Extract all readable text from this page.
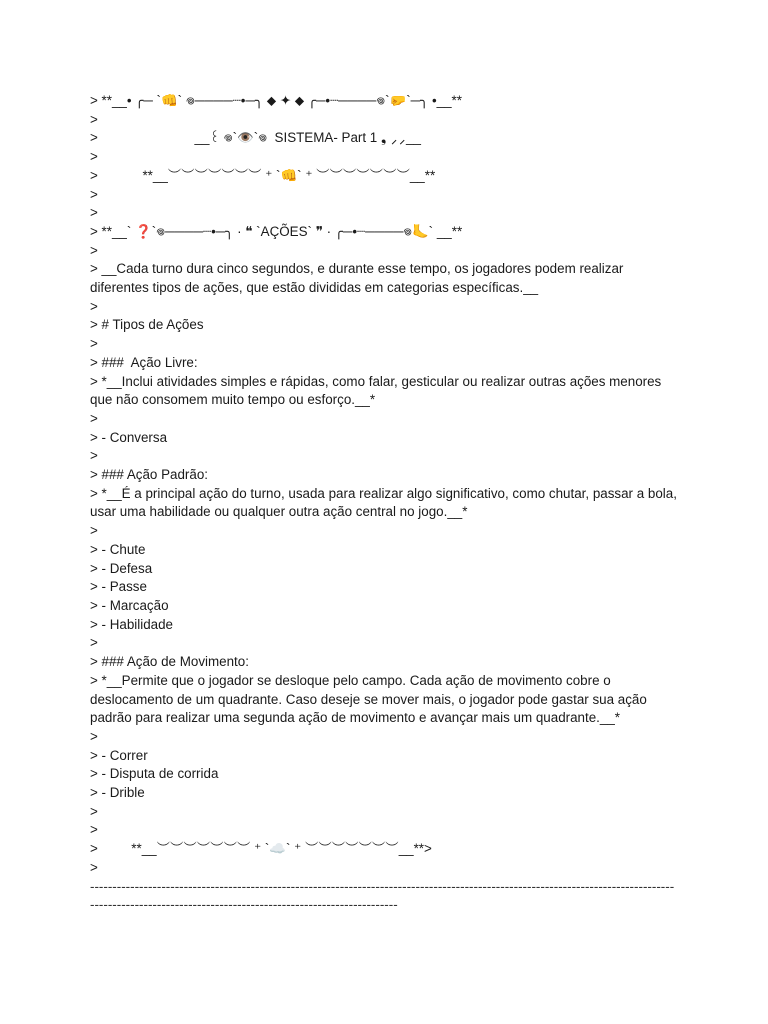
> **__• ╭─ `👊` 𖦹────┈•─╮ ⬥ ✦ ⬥ ╭─•┈────𖦹`🤛`─╮ •__**
>
>                          __꒰ 𖦹`👁️`𖦹  SISTEMA- Part 1 ❟ ⸝⸝__
>
>            **__︶︶︶︶︶︶︶ ⁺ `👊` ⁺ ︶︶︶︶︶︶︶__**
>
>
> **__` ❓`𖦹────┈•─╮ · ❝ `AÇÕES` ❞ · ╭─•┈────𖦹🦶` __**
>
> __Cada turno dura cinco segundos, e durante esse tempo, os jogadores podem realizar diferentes tipos de ações, que estão divididas em categorias específicas.__
>
> # Tipos de Ações
>
> ###  Ação Livre:
> *__Inclui atividades simples e rápidas, como falar, gesticular ou realizar outras ações menores que não consomem muito tempo ou esforço.__*
>
> - Conversa
>
> ### Ação Padrão:
> *__É a principal ação do turno, usada para realizar algo significativo, como chutar, passar a bola, usar uma habilidade ou qualquer outra ação central no jogo.__*
>
> - Chute
> - Defesa
> - Passe
> - Marcação
> - Habilidade
>
> ### Ação de Movimento:
> *__Permite que o jogador se desloque pelo campo. Cada ação de movimento cobre o deslocamento de um quadrante. Caso deseje se mover mais, o jogador pode gastar sua ação padrão para realizar uma segunda ação de movimento e avançar mais um quadrante.__*
>
> - Correr
> - Disputa de corrida
> - Drible
>
>
>         **__︶︶︶︶︶︶︶ ⁺ `☁️` ⁺ ︶︶︶︶︶︶︶__**>
>
--------------------------------------------------------------------------------------------------------------------------------------------------------------------------------------------------------
